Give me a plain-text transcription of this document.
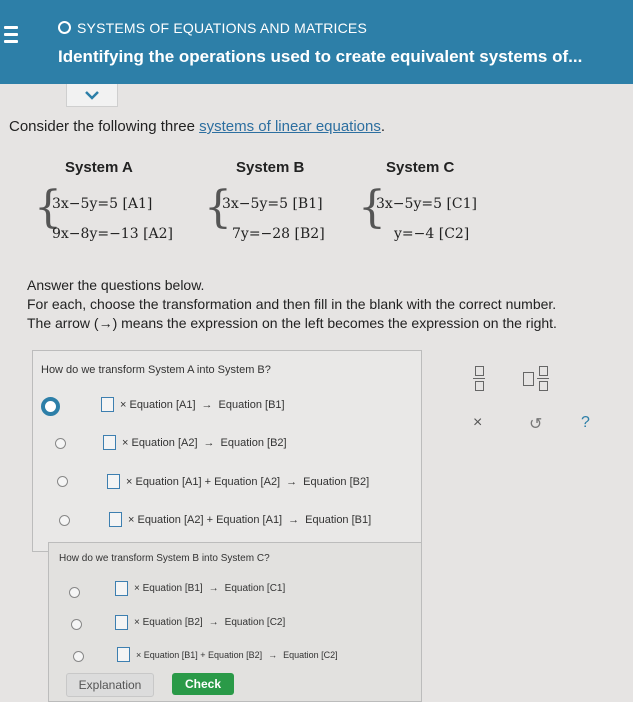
SYSTEMS OF EQUATIONS AND MATRICES
Identifying the operations used to create equivalent systems of...
Consider the following three systems of linear equations.
System A	System B	System C
{
3x−5y=5 [A1]
9x−8y=−13 [A2]
{
3x−5y=5 [B1]
7y=−28 [B2]
{
3x−5y=5 [C1]
y=−4 [C2]
Answer the questions below.
For each, choose the transformation and then fill in the blank with the correct number.
The arrow (→) means the expression on the left becomes the expression on the right.
How do we transform System A into System B?
× Equation [A1] → Equation [B1]
× Equation [A2] → Equation [B2]
× Equation [A1] + Equation [A2] → Equation [B2]
× Equation [A2] + Equation [A1] → Equation [B1]
How do we transform System B into System C?
× Equation [B1] → Equation [C1]
× Equation [B2] → Equation [C2]
× Equation [B1] + Equation [B2] → Equation [C2]
×	↺ ?
Explanation	Check
